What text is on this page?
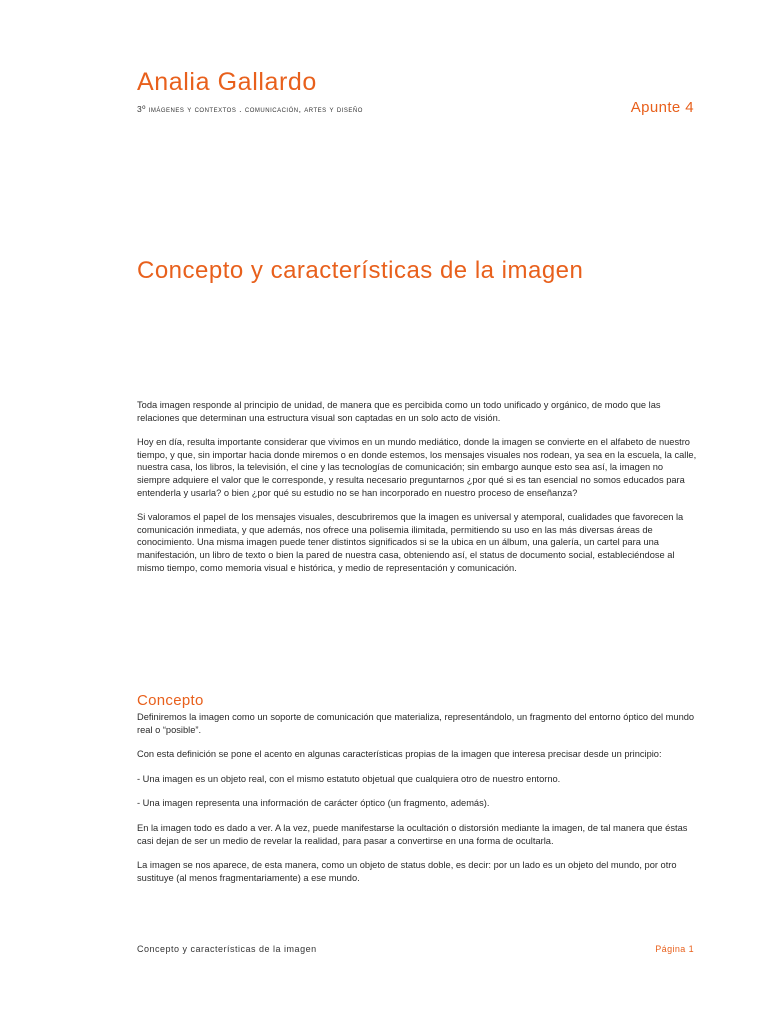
Analia Gallardo
3º imágenes y contextos . comunicación, artes y diseño	Apunte 4
Concepto y características de la imagen

Toda imagen responde al principio de unidad, de manera que es percibida como un todo unificado y orgánico, de modo que las relaciones que determinan una estructura visual son captadas en un solo acto de visión.

Hoy en día, resulta importante considerar que vivimos en un mundo mediático, donde la imagen se convierte en el alfabeto de nuestro tiempo, y que, sin importar hacia donde miremos o en donde estemos, los mensajes visuales nos rodean, ya sea en la escuela, la calle, nuestra casa, los libros, la televisión, el cine y las tecnologías de comunicación; sin embargo aunque esto sea así, la imagen no siempre adquiere el valor que le corresponde, y resulta necesario preguntarnos ¿por qué si es tan esencial no somos educados para entenderla y usarla? o bien ¿por qué su estudio no se han incorporado en nuestro proceso de enseñanza?

Si valoramos el papel de los mensajes visuales, descubriremos que la imagen es universal y atemporal, cualidades que favorecen la comunicación inmediata, y que además, nos ofrece una polisemia ilimitada, permitiendo su uso en las más diversas áreas de conocimiento. Una misma imagen puede tener distintos significados si se la ubica en un álbum, una galería, un cartel para una manifestación, un libro de texto o bien la pared de nuestra casa, obteniendo así, el status de documento social, estableciéndose al mismo tiempo, como memoria visual e histórica, y medio de representación y comunicación.

Concepto

Definiremos la imagen como un soporte de comunicación que materializa, representándolo, un fragmento del entorno óptico del mundo real o “posible”.

Con esta definición se pone el acento en algunas características propias de la imagen que interesa precisar desde un principio:

- Una imagen es un objeto real, con el mismo estatuto objetual que cualquiera otro de nuestro entorno.

- Una imagen representa una información de carácter óptico (un fragmento, además).

En la imagen todo es dado a ver. A la vez, puede manifestarse la ocultación o distorsión mediante la imagen, de tal manera que éstas casi dejan de ser un medio de revelar la realidad, para pasar a convertirse en una forma de ocultarla.

La imagen se nos aparece, de esta manera, como un objeto de status doble, es decir: por un lado es un objeto del mundo, por otro sustituye (al menos fragmentariamente) a ese mundo.

Concepto y características de la imagen	Página 1
